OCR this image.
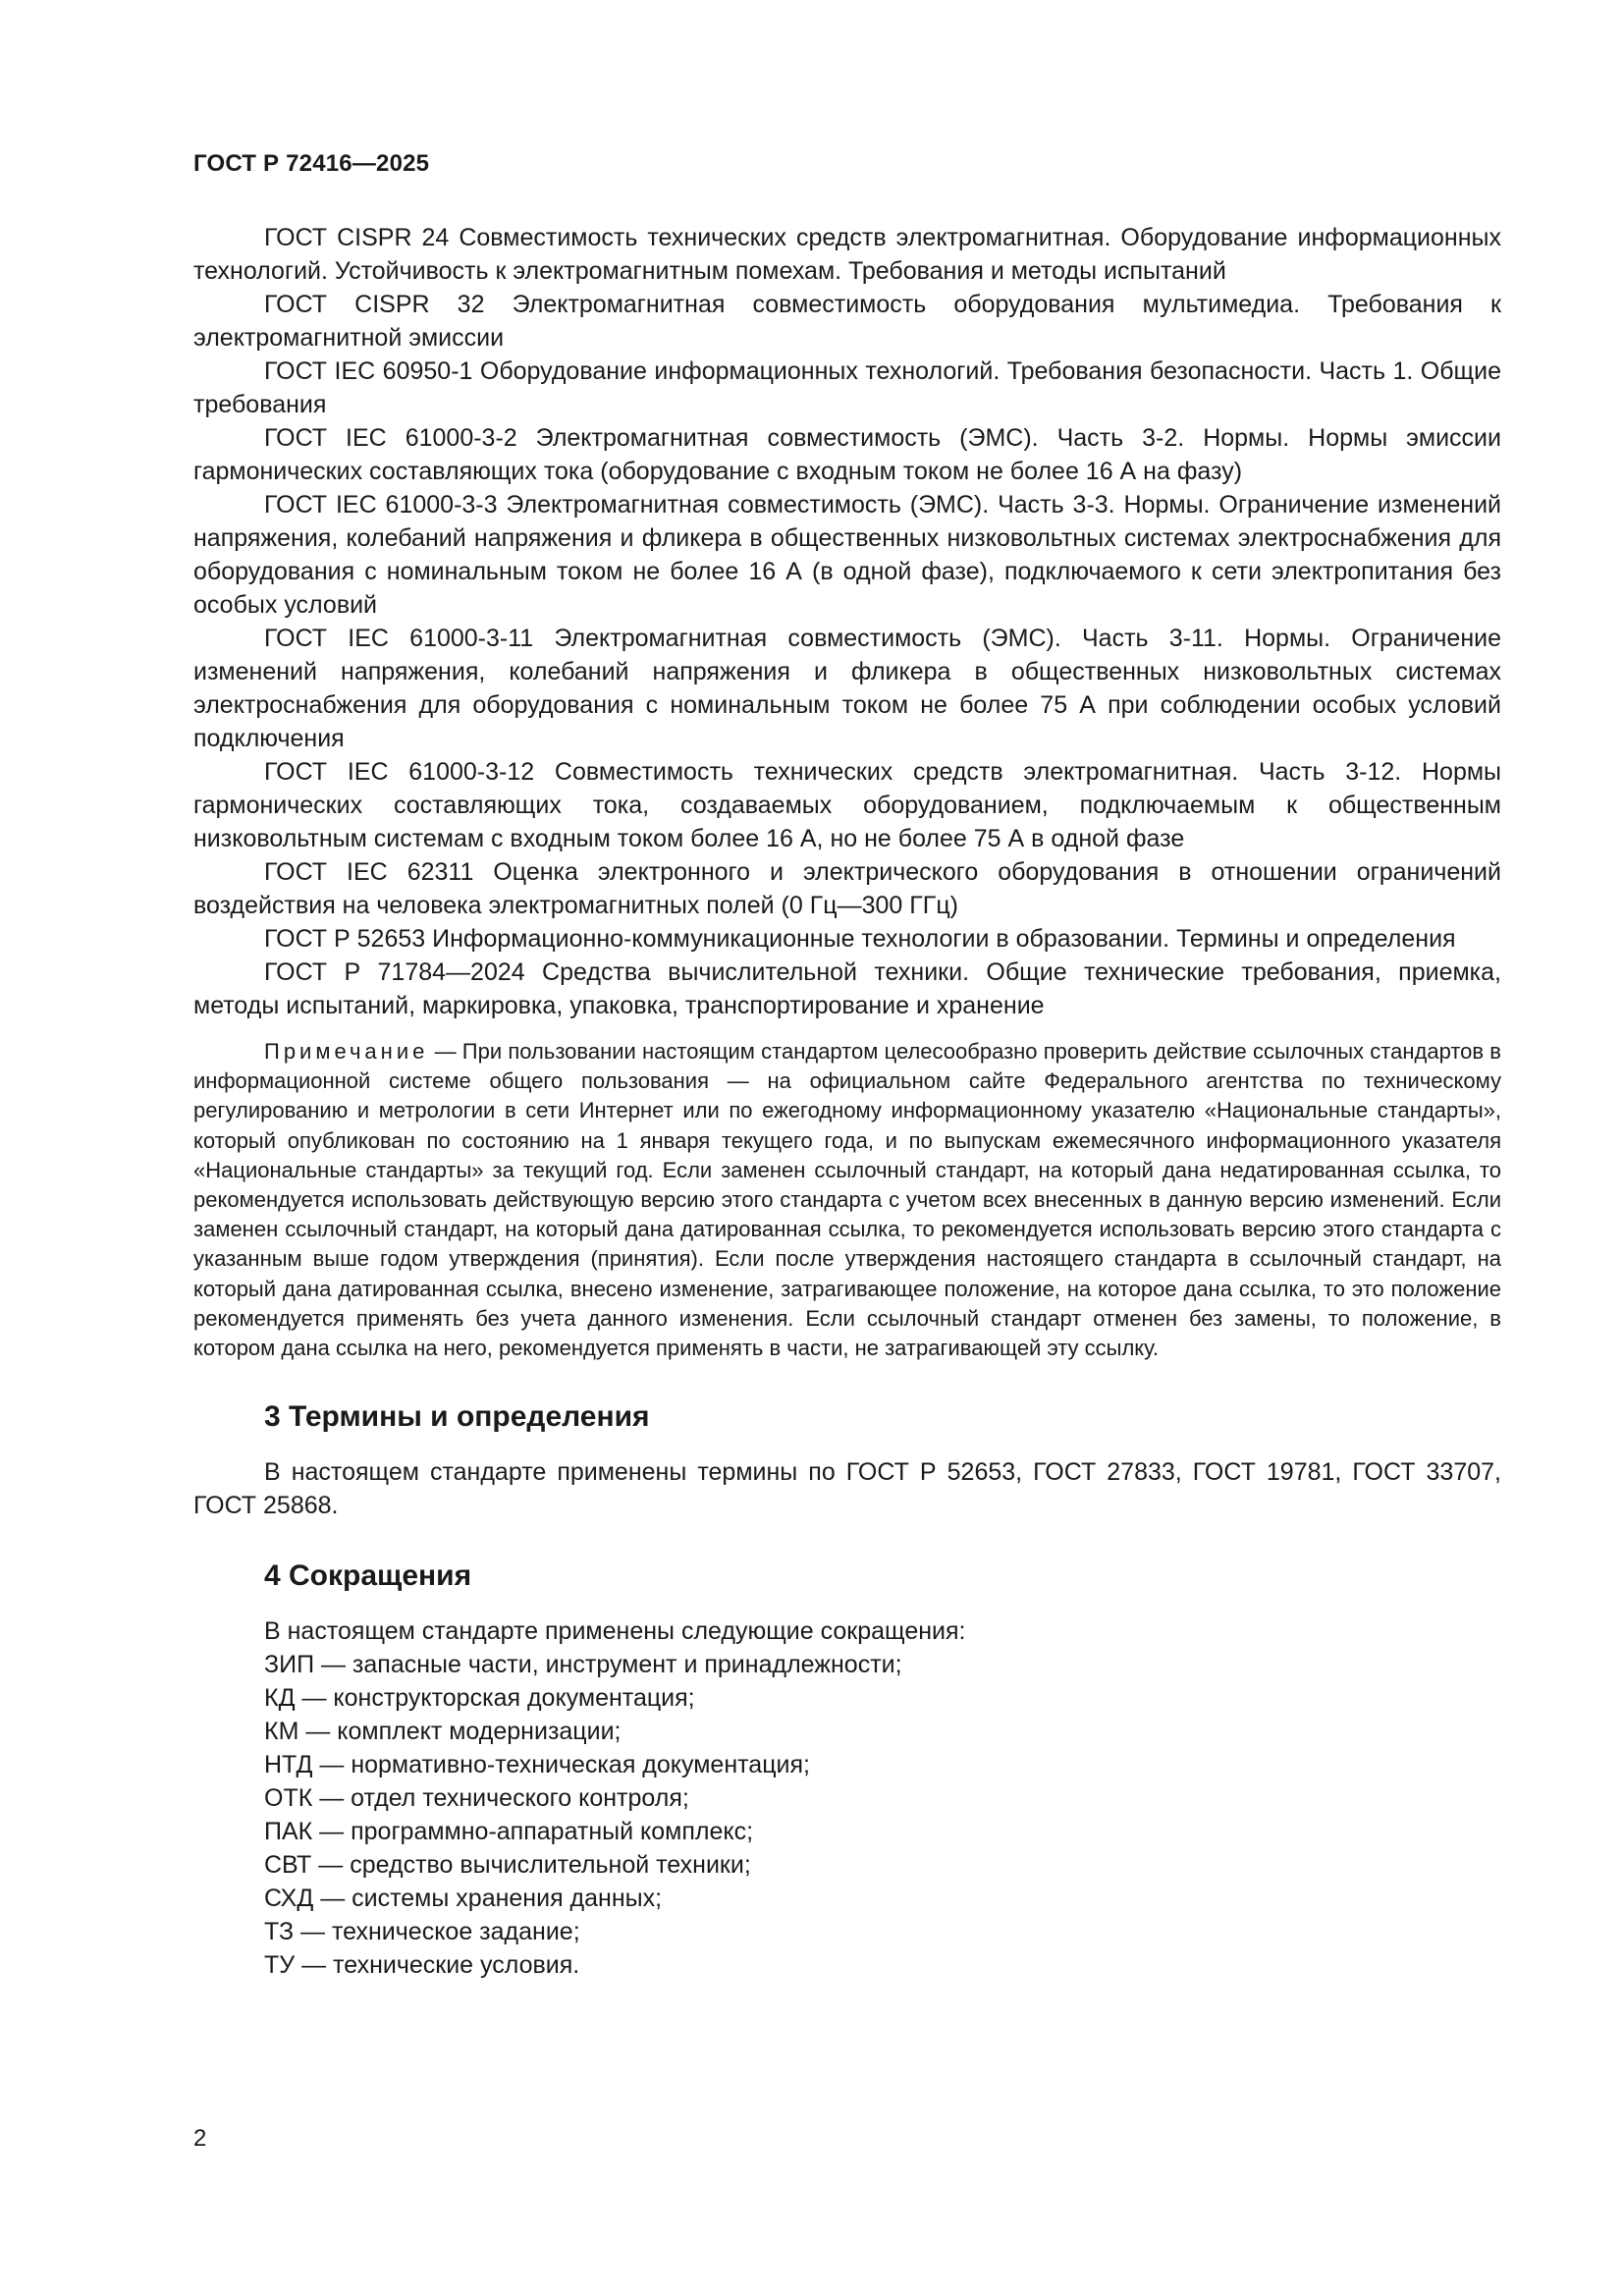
ГОСТ Р 72416—2025

ГОСТ CISPR 24 Совместимость технических средств электромагнитная. Оборудование информационных технологий. Устойчивость к электромагнитным помехам. Требования и методы испытаний

ГОСТ CISPR 32 Электромагнитная совместимость оборудования мультимедиа. Требования к электромагнитной эмиссии

ГОСТ IEC 60950-1 Оборудование информационных технологий. Требования безопасности. Часть 1. Общие требования

ГОСТ IEC 61000-3-2 Электромагнитная совместимость (ЭМС). Часть 3-2. Нормы. Нормы эмиссии гармонических составляющих тока (оборудование с входным током не более 16 А на фазу)

ГОСТ IEC 61000-3-3 Электромагнитная совместимость (ЭМС). Часть 3-3. Нормы. Ограничение изменений напряжения, колебаний напряжения и фликера в общественных низковольтных системах электроснабжения для оборудования с номинальным током не более 16 А (в одной фазе), подключаемого к сети электропитания без особых условий

ГОСТ IEC 61000-3-11 Электромагнитная совместимость (ЭМС). Часть 3-11. Нормы. Ограничение изменений напряжения, колебаний напряжения и фликера в общественных низковольтных системах электроснабжения для оборудования с номинальным током не более 75 А при соблюдении особых условий подключения

ГОСТ IEC 61000-3-12 Совместимость технических средств электромагнитная. Часть 3-12. Нормы гармонических составляющих тока, создаваемых оборудованием, подключаемым к общественным низковольтным системам с входным током более 16 А, но не более 75 А в одной фазе

ГОСТ IEC 62311 Оценка электронного и электрического оборудования в отношении ограничений воздействия на человека электромагнитных полей (0 Гц—300 ГГц)

ГОСТ Р 52653 Информационно-коммуникационные технологии в образовании. Термины и определения

ГОСТ Р 71784—2024 Средства вычислительной техники. Общие технические требования, приемка, методы испытаний, маркировка, упаковка, транспортирование и хранение

Примечание — При пользовании настоящим стандартом целесообразно проверить действие ссылочных стандартов в информационной системе общего пользования — на официальном сайте Федерального агентства по техническому регулированию и метрологии в сети Интернет или по ежегодному информационному указателю «Национальные стандарты», который опубликован по состоянию на 1 января текущего года, и по выпускам ежемесячного информационного указателя «Национальные стандарты» за текущий год. Если заменен ссылочный стандарт, на который дана недатированная ссылка, то рекомендуется использовать действующую версию этого стандарта с учетом всех внесенных в данную версию изменений. Если заменен ссылочный стандарт, на который дана датированная ссылка, то рекомендуется использовать версию этого стандарта с указанным выше годом утверждения (принятия). Если после утверждения настоящего стандарта в ссылочный стандарт, на который дана датированная ссылка, внесено изменение, затрагивающее положение, на которое дана ссылка, то это положение рекомендуется применять без учета данного изменения. Если ссылочный стандарт отменен без замены, то положение, в котором дана ссылка на него, рекомендуется применять в части, не затрагивающей эту ссылку.

3 Термины и определения

В настоящем стандарте применены термины по ГОСТ Р 52653, ГОСТ 27833, ГОСТ 19781, ГОСТ 33707, ГОСТ 25868.

4 Сокращения
В настоящем стандарте применены следующие сокращения:
ЗИП — запасные части, инструмент и принадлежности;
КД — конструкторская документация;
КМ — комплект модернизации;
НТД — нормативно-техническая документация;
ОТК — отдел технического контроля;
ПАК — программно-аппаратный комплекс;
СВТ — средство вычислительной техники;
СХД — системы хранения данных;
ТЗ — техническое задание;
ТУ — технические условия.
2
